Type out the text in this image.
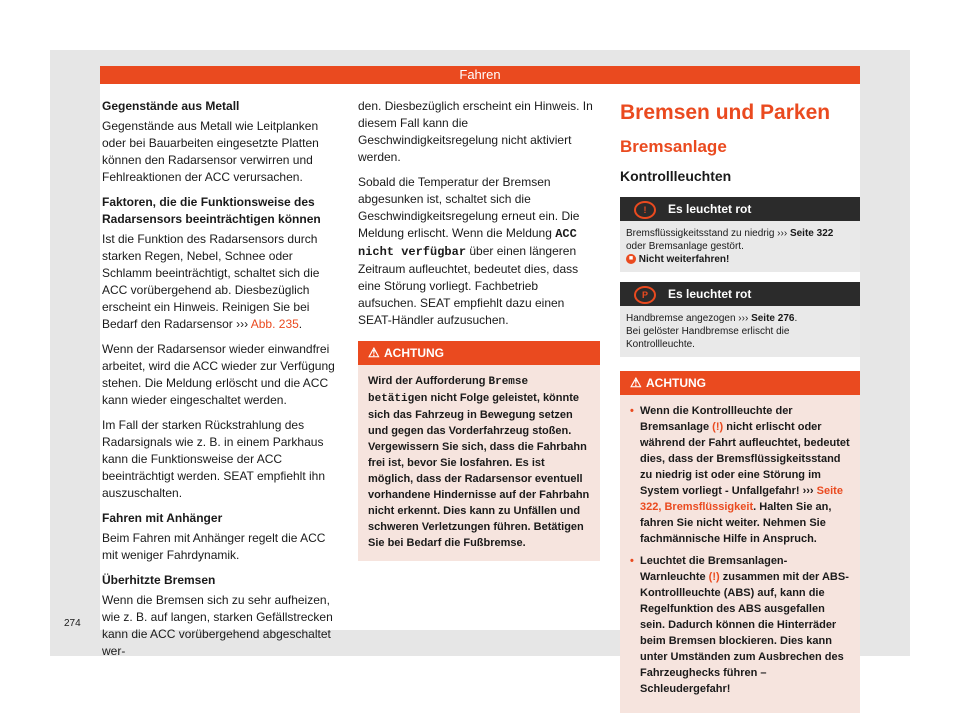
Fahren
Gegenstände aus Metall

Gegenstände aus Metall wie Leitplanken oder bei Bauarbeiten eingesetzte Platten können den Radarsensor verwirren und Fehlreaktionen der ACC verursachen.

Faktoren, die die Funktionsweise des Radarsensors beeinträchtigen können

Ist die Funktion des Radarsensors durch starken Regen, Nebel, Schnee oder Schlamm beeinträchtigt, schaltet sich die ACC vorübergehend ab. Diesbezüglich erscheint ein Hinweis. Reinigen Sie bei Bedarf den Radarsensor ››› Abb. 235.

Wenn der Radarsensor wieder einwandfrei arbeitet, wird die ACC wieder zur Verfügung stehen. Die Meldung erlöscht und die ACC kann wieder eingeschaltet werden.

Im Fall der starken Rückstrahlung des Radarsignals wie z. B. in einem Parkhaus kann die Funktionsweise der ACC beeinträchtigt werden. SEAT empfiehlt ihn auszuschalten.

Fahren mit Anhänger

Beim Fahren mit Anhänger regelt die ACC mit weniger Fahrdynamik.

Überhitzte Bremsen

Wenn die Bremsen sich zu sehr aufheizen, wie z. B. auf langen, starken Gefällstrecken kann die ACC vorübergehend abgeschaltet wer-

den. Diesbezüglich erscheint ein Hinweis. In diesem Fall kann die Geschwindigkeitsregelung nicht aktiviert werden.

Sobald die Temperatur der Bremsen abgesunken ist, schaltet sich die Geschwindigkeitsregelung erneut ein. Die Meldung erlischt. Wenn die Meldung ACC nicht verfügbar über einen längeren Zeitraum aufleuchtet, bedeutet dies, dass eine Störung vorliegt. Fachbetrieb aufsuchen. SEAT empfiehlt dazu einen SEAT-Händler aufzusuchen.

⚠ ACHTUNG
Wird der Aufforderung Bremse betätigen nicht Folge geleistet, könnte sich das Fahrzeug in Bewegung setzen und gegen das Vorderfahrzeug stoßen. Vergewissern Sie sich, dass die Fahrbahn frei ist, bevor Sie losfahren. Es ist möglich, dass der Radarsensor eventuell vorhandene Hindernisse auf der Fahrbahn nicht erkennt. Dies kann zu Unfällen und schweren Verletzungen führen. Betätigen Sie bei Bedarf die Fußbremse.
Bremsen und Parken
Bremsanlage
Kontrollleuchten
!	Es leuchtet rot
Bremsflüssigkeitsstand zu niedrig ››› Seite 322 oder Bremsanlage gestört.
■ Nicht weiterfahren!
P	Es leuchtet rot
Handbremse angezogen ››› Seite 276.
Bei gelöster Handbremse erlischt die Kontrollleuchte.
⚠ ACHTUNG
• Wenn die Kontrollleuchte der Bremsanlage (!) nicht erlischt oder während der Fahrt aufleuchtet, bedeutet dies, dass der Bremsflüssigkeitsstand zu niedrig ist oder eine Störung im System vorliegt - Unfallgefahr! ››› Seite 322, Bremsflüssigkeit. Halten Sie an, fahren Sie nicht weiter. Nehmen Sie fachmännische Hilfe in Anspruch.
• Leuchtet die Bremsanlagen-Warnleuchte (!) zusammen mit der ABS-Kontrollleuchte (ABS) auf, kann die Regelfunktion des ABS ausgefallen sein. Dadurch können die Hinterräder beim Bremsen blockieren. Dies kann unter Umständen zum Ausbrechen des Fahrzeughecks führen – Schleudergefahr!
274
